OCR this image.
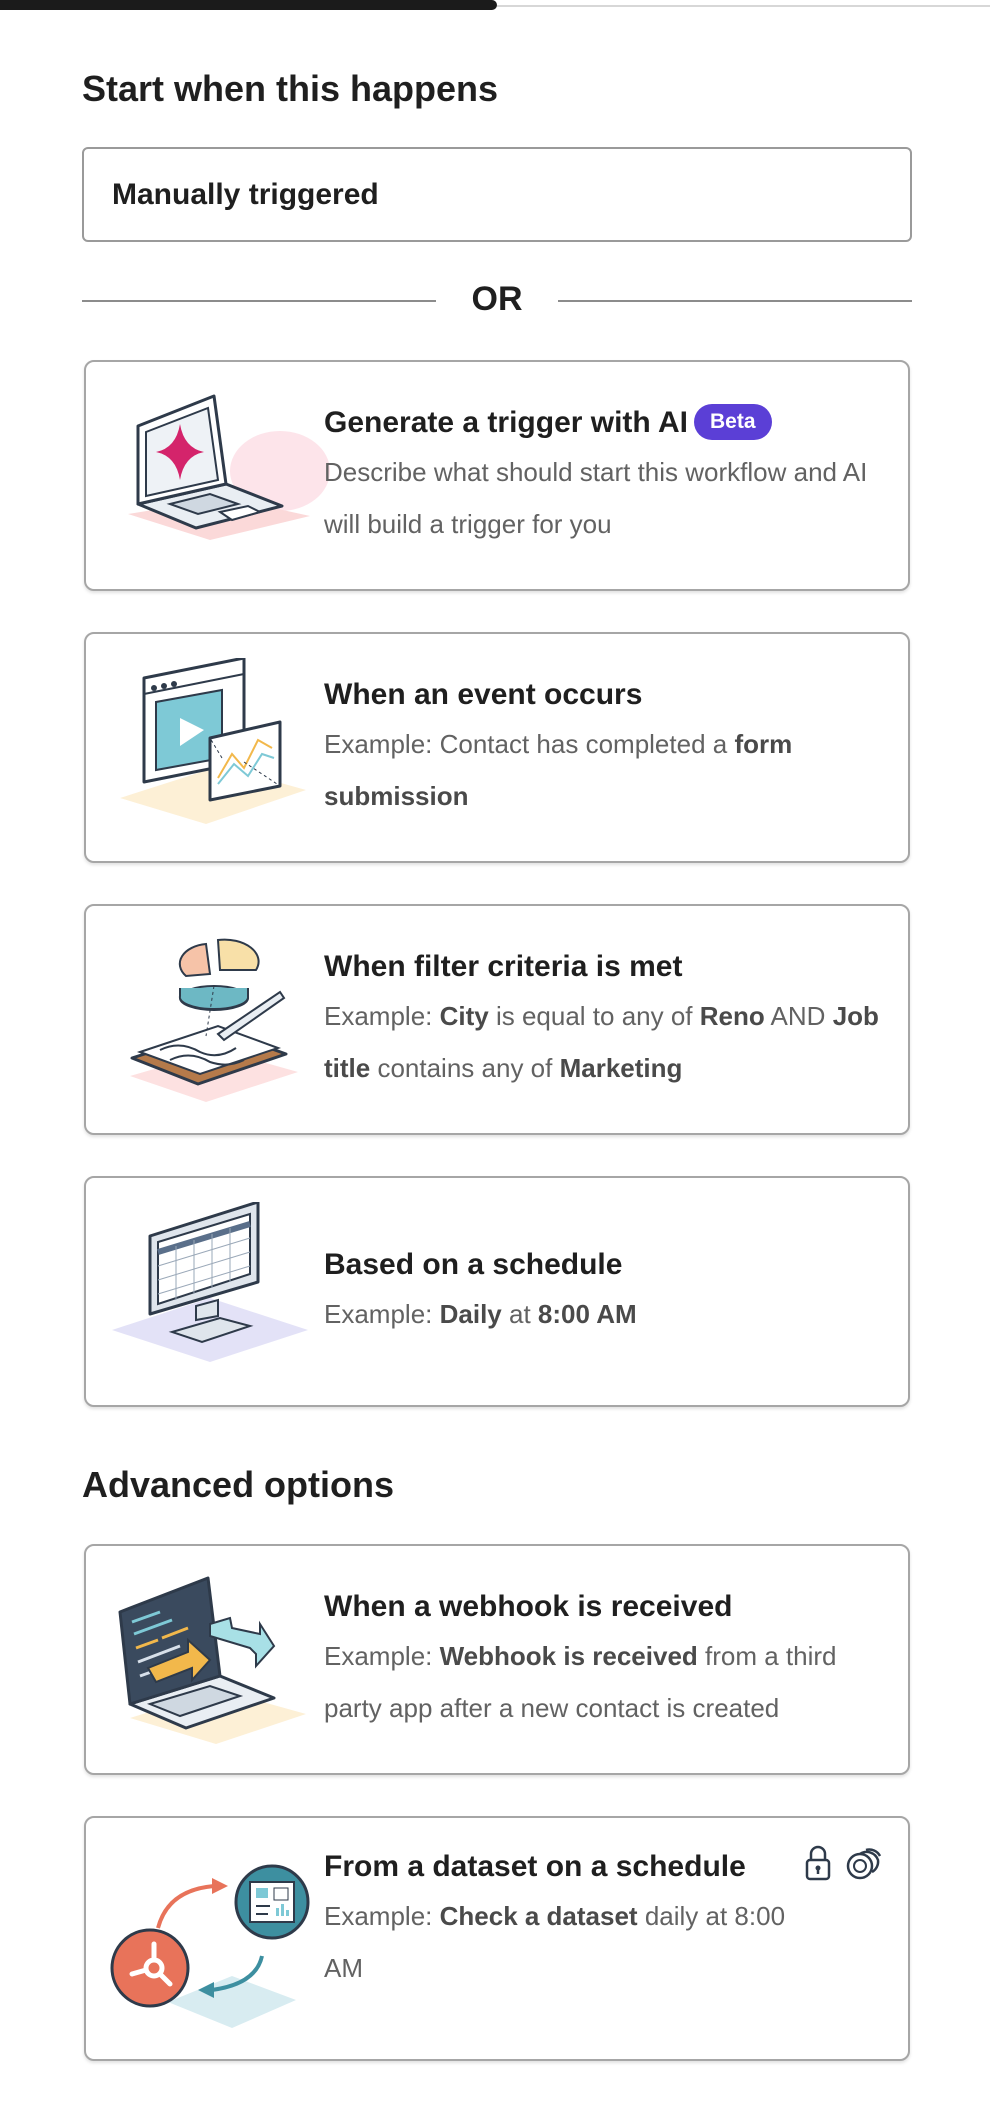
Start when this happens
Manually triggered
OR
Generate a trigger with AI Beta
Describe what should start this workflow and AI will build a trigger for you
When an event occurs
Example: Contact has completed a form submission
When filter criteria is met
Example: City is equal to any of Reno AND Job title contains any of Marketing
Based on a schedule
Example: Daily at 8:00 AM
Advanced options
When a webhook is received
Example: Webhook is received from a third party app after a new contact is created
From a dataset on a schedule
Example: Check a dataset daily at 8:00 AM
